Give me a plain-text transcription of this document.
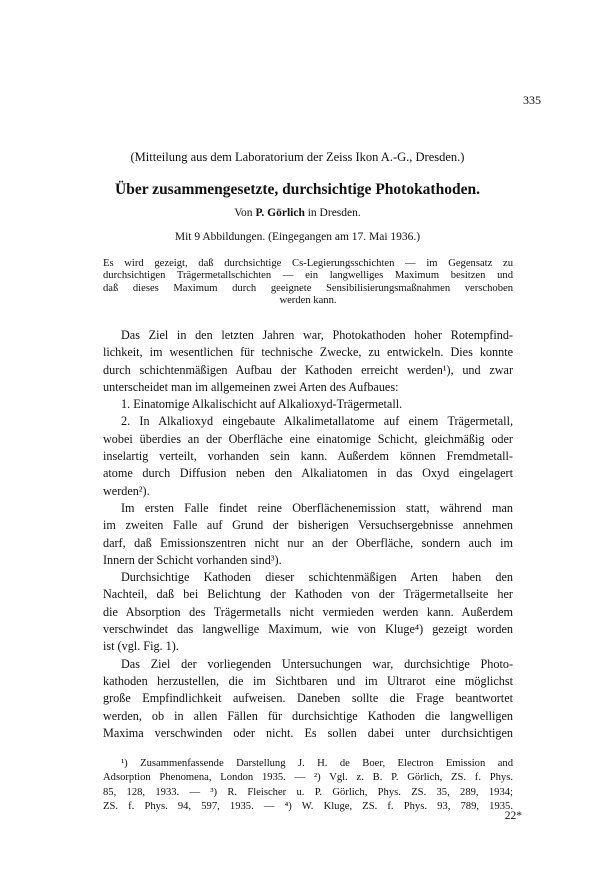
335
(Mitteilung aus dem Laboratorium der Zeiss Ikon A.-G., Dresden.)
Über zusammengesetzte, durchsichtige Photokathoden.
Von P. Görlich in Dresden.
Mit 9 Abbildungen. (Eingegangen am 17. Mai 1936.)
Es wird gezeigt, daß durchsichtige Cs-Legierungsschichten — im Gegensatz zu
durchsichtigen Trägermetallschichten — ein langwelliges Maximum besitzen und
daß dieses Maximum durch geeignete Sensibilisierungsmaßnahmen verschoben
werden kann.
Das Ziel in den letzten Jahren war, Photokathoden hoher Rotempfind-
lichkeit, im wesentlichen für technische Zwecke, zu entwickeln. Dies konnte
durch schichtenmäßigen Aufbau der Kathoden erreicht werden¹), und zwar
unterscheidet man im allgemeinen zwei Arten des Aufbaues:
1. Einatomige Alkalischicht auf Alkalioxyd-Trägermetall.
2. In Alkalioxyd eingebaute Alkalimetallatome auf einem Trägermetall,
wobei überdies an der Oberfläche eine einatomige Schicht, gleichmäßig oder
inselartig verteilt, vorhanden sein kann. Außerdem können Fremdmetall-
atome durch Diffusion neben den Alkaliatomen in das Oxyd eingelagert
werden²).
Im ersten Falle findet reine Oberflächenemission statt, während man
im zweiten Falle auf Grund der bisherigen Versuchsergebnisse annehmen
darf, daß Emissionszentren nicht nur an der Oberfläche, sondern auch im
Innern der Schicht vorhanden sind³).
Durchsichtige Kathoden dieser schichtenmäßigen Arten haben den
Nachteil, daß bei Belichtung der Kathoden von der Trägermetallseite her
die Absorption des Trägermetalls nicht vermieden werden kann. Außerdem
verschwindet das langwellige Maximum, wie von Kluge⁴) gezeigt worden
ist (vgl. Fig. 1).
Das Ziel der vorliegenden Untersuchungen war, durchsichtige Photo-
kathoden herzustellen, die im Sichtbaren und im Ultrarot eine möglichst
große Empfindlichkeit aufweisen. Daneben sollte die Frage beantwortet
werden, ob in allen Fällen für durchsichtige Kathoden die langwelligen
Maxima verschwinden oder nicht. Es sollen dabei unter durchsichtigen
¹) Zusammenfassende Darstellung J. H. de Boer, Electron Emission and
Adsorption Phenomena, London 1935. — ²) Vgl. z. B. P. Görlich, ZS. f. Phys.
85, 128, 1933. — ³) R. Fleischer u. P. Görlich, Phys. ZS. 35, 289, 1934;
ZS. f. Phys. 94, 597, 1935. — ⁴) W. Kluge, ZS. f. Phys. 93, 789, 1935.
22*
